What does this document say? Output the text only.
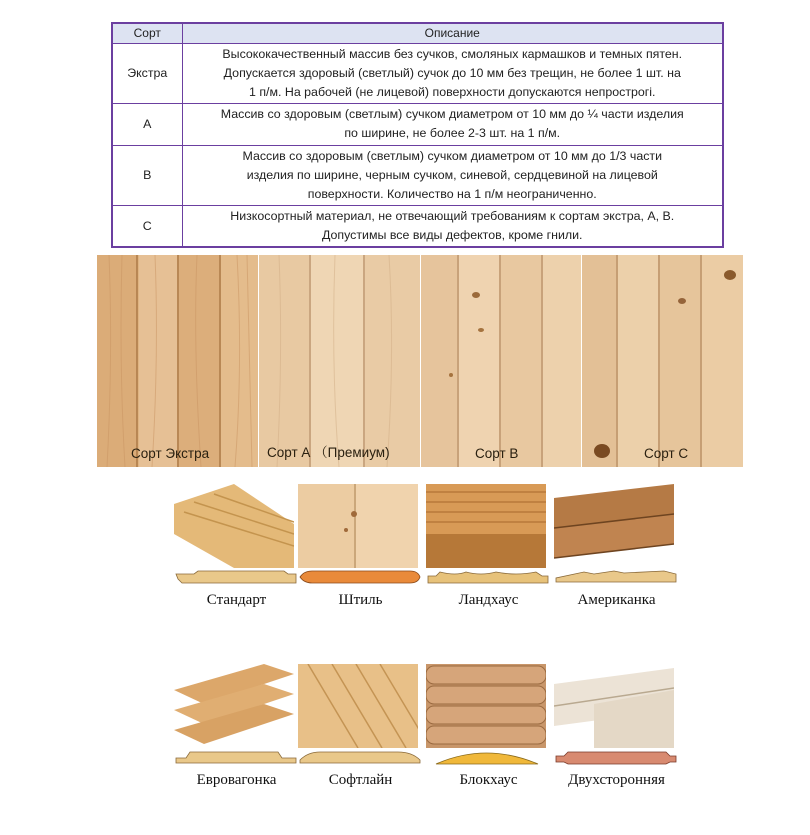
Сорт	Описание
Экстра	Высококачественный массив без сучков, смоляных кармашков и темных пятен.
Допускается здоровый (светлый) сучок до 10 мм без трещин, не более 1 шт. на
1 п/м. На рабочей (не лицевой) поверхности допускаются непрострогі.

A	Массив со здоровым (светлым) сучком диаметром от 10 мм до ¼ части изделия
по ширине, не более 2-3 шт. на 1 п/м.

B	Массив со здоровым (светлым) сучком диаметром от 10 мм до 1/3 части
изделия по ширине, черным сучком, синевой, сердцевиной на лицевой
поверхности. Количество на 1 п/м неограниченно.

C	Низкосортный материал, не отвечающий требованиям к сортам экстра, А, В.
Допустимы все виды дефектов, кроме гнили.
Сорт Экстра	Сорт А （Премиум)	Сорт В	Сорт С
Стандарт	Штиль	Ландхаус	Американка
Евровагонка	Софтлайн	Блокхаус	Двухсторонняя
